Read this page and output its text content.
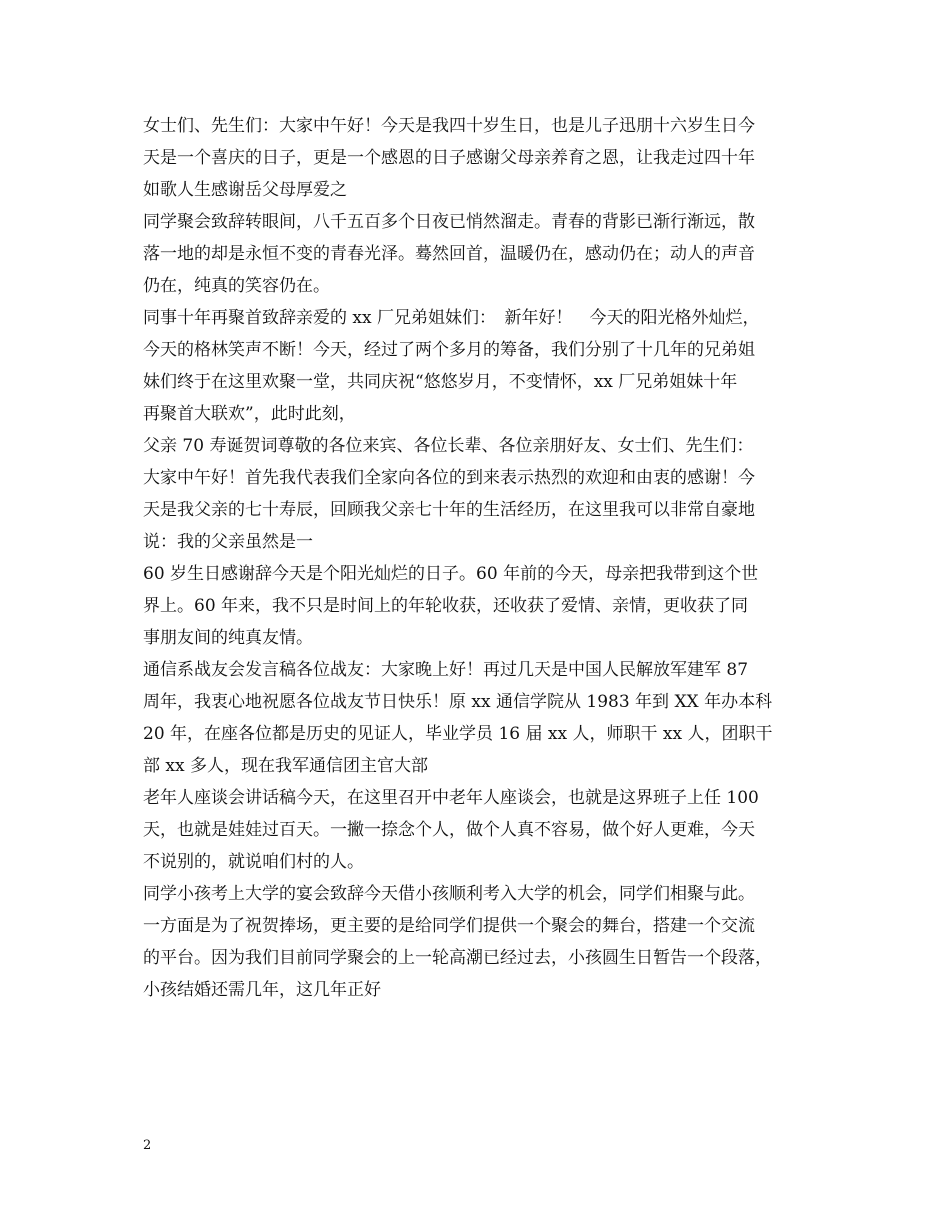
女士们、先生们：大家中午好！今天是我四十岁生日，也是儿子迅朋十六岁生日今
天是一个喜庆的日子，更是一个感恩的日子感谢父母亲养育之恩，让我走过四十年
如歌人生感谢岳父母厚爱之
同学聚会致辞转眼间，八千五百多个日夜已悄然溜走。青春的背影已渐行渐远，散
落一地的却是永恒不变的青春光泽。蓦然回首，温暖仍在，感动仍在；动人的声音
仍在，纯真的笑容仍在。
同事十年再聚首致辞亲爱的 xx 厂兄弟姐妹们：　新年好！　今天的阳光格外灿烂，
今天的格林笑声不断！今天，经过了两个多月的筹备，我们分别了十几年的兄弟姐
妹们终于在这里欢聚一堂，共同庆祝“悠悠岁月，不变情怀，xx 厂兄弟姐妹十年
再聚首大联欢”，此时此刻，
父亲 70 寿诞贺词尊敬的各位来宾、各位长辈、各位亲朋好友、女士们、先生们：
大家中午好！首先我代表我们全家向各位的到来表示热烈的欢迎和由衷的感谢！今
天是我父亲的七十寿辰，回顾我父亲七十年的生活经历，在这里我可以非常自豪地
说：我的父亲虽然是一
60 岁生日感谢辞今天是个阳光灿烂的日子。60 年前的今天，母亲把我带到这个世
界上。60 年来，我不只是时间上的年轮收获，还收获了爱情、亲情，更收获了同
事朋友间的纯真友情。
通信系战友会发言稿各位战友：大家晚上好！再过几天是中国人民解放军建军 87
周年，我衷心地祝愿各位战友节日快乐！原 xx 通信学院从 1983 年到 XX 年办本科
20 年，在座各位都是历史的见证人，毕业学员 16 届 xx 人，师职干 xx 人，团职干
部 xx 多人，现在我军通信团主官大部
老年人座谈会讲话稿今天，在这里召开中老年人座谈会，也就是这界班子上任 100
天，也就是娃娃过百天。一撇一捺念个人，做个人真不容易，做个好人更难，今天
不说别的，就说咱们村的人。
同学小孩考上大学的宴会致辞今天借小孩顺利考入大学的机会，同学们相聚与此。
一方面是为了祝贺捧场，更主要的是给同学们提供一个聚会的舞台，搭建一个交流
的平台。因为我们目前同学聚会的上一轮高潮已经过去，小孩圆生日暂告一个段落，
小孩结婚还需几年，这几年正好
2
